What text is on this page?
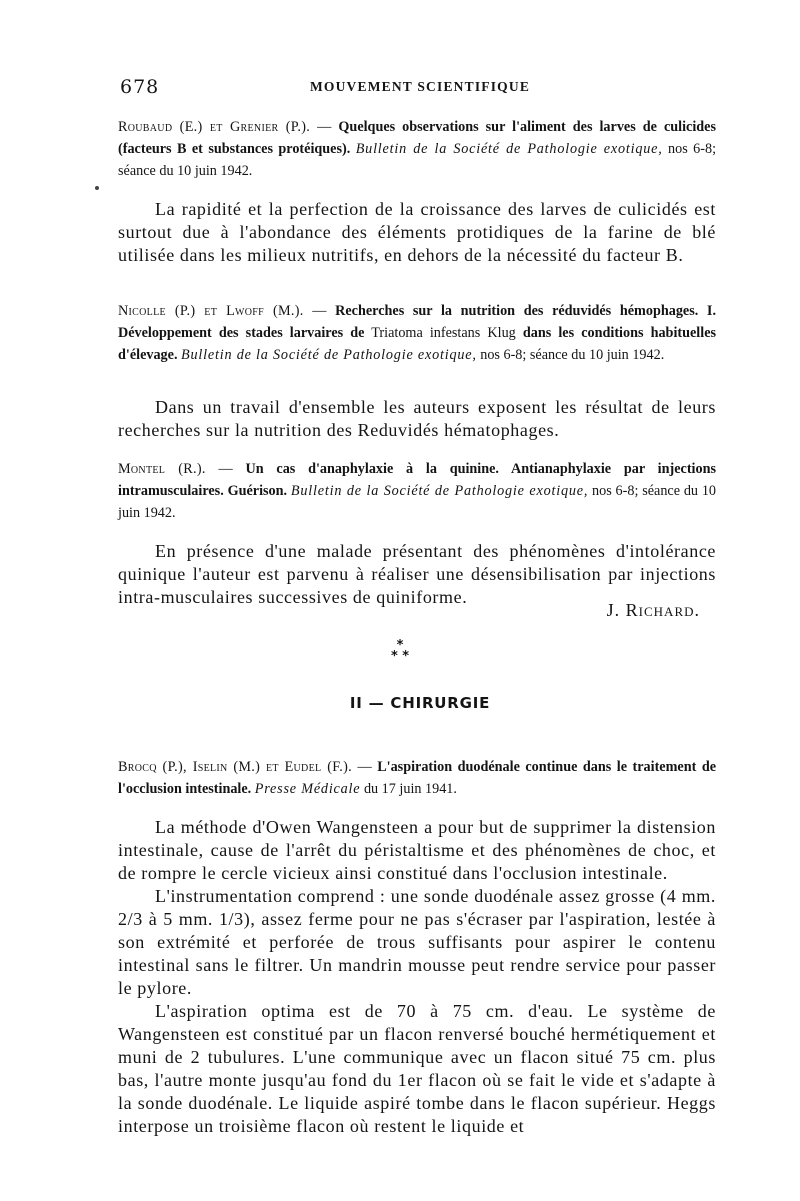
678	MOUVEMENT SCIENTIFIQUE
Roubaud (E.) et Grenier (P.). — Quelques observations sur l'aliment des larves de culicides (facteurs B et substances protéiques). Bulletin de la Société de Pathologie exotique, nos 6-8; séance du 10 juin 1942.
La rapidité et la perfection de la croissance des larves de culicidés est surtout due à l'abondance des éléments protidiques de la farine de blé utilisée dans les milieux nutritifs, en dehors de la nécessité du facteur B.
Nicolle (P.) et Lwoff (M.). — Recherches sur la nutrition des réduvidés hémophages. I. Développement des stades larvaires de Triatoma infestans Klug dans les conditions habituelles d'élevage. Bulletin de la Société de Pathologie exotique, nos 6-8; séance du 10 juin 1942.
Dans un travail d'ensemble les auteurs exposent les résultat de leurs recherches sur la nutrition des Reduvidés hématophages.
Montel (R.). — Un cas d'anaphylaxie à la quinine. Antianaphylaxie par injections intramusculaires. Guérison. Bulletin de la Société de Pathologie exotique, nos 6-8; séance du 10 juin 1942.
En présence d'une malade présentant des phénomènes d'intolérance quinique l'auteur est parvenu à réaliser une désensibilisation par injections intra-musculaires successives de quiniforme.
J. Richard.
*
* *
II — CHIRURGIE
Brocq (P.), Iselin (M.) et Eudel (F.). — L'aspiration duodénale continue dans le traitement de l'occlusion intestinale. Presse Médicale du 17 juin 1941.

La méthode d'Owen Wangensteen a pour but de supprimer la distension intestinale, cause de l'arrêt du péristaltisme et des phénomènes de choc, et de rompre le cercle vicieux ainsi constitué dans l'occlusion intestinale.

L'instrumentation comprend : une sonde duodénale assez grosse (4 mm. 2/3 à 5 mm. 1/3), assez ferme pour ne pas s'écraser par l'aspiration, lestée à son extrémité et perforée de trous suffisants pour aspirer le contenu intestinal sans le filtrer. Un mandrin mousse peut rendre service pour passer le pylore.

L'aspiration optima est de 70 à 75 cm. d'eau. Le système de Wangensteen est constitué par un flacon renversé bouché hermétiquement et muni de 2 tubulures. L'une communique avec un flacon situé 75 cm. plus bas, l'autre monte jusqu'au fond du 1er flacon où se fait le vide et s'adapte à la sonde duodénale. Le liquide aspiré tombe dans le flacon supérieur. Heggs interpose un troisième flacon où restent le liquide et
